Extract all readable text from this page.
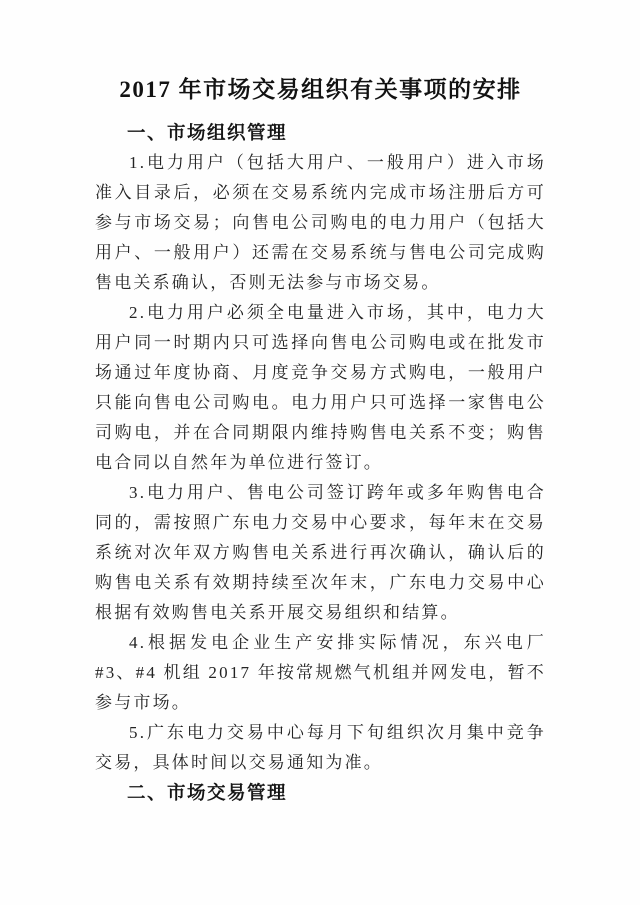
2017 年市场交易组织有关事项的安排
一、市场组织管理

1.电力用户（包括大用户、一般用户）进入市场准入目录后，必须在交易系统内完成市场注册后方可参与市场交易；向售电公司购电的电力用户（包括大用户、一般用户）还需在交易系统与售电公司完成购售电关系确认，否则无法参与市场交易。

2.电力用户必须全电量进入市场，其中，电力大用户同一时期内只可选择向售电公司购电或在批发市场通过年度协商、月度竞争交易方式购电，一般用户只能向售电公司购电。电力用户只可选择一家售电公司购电，并在合同期限内维持购售电关系不变；购售电合同以自然年为单位进行签订。

3.电力用户、售电公司签订跨年或多年购售电合同的，需按照广东电力交易中心要求，每年末在交易系统对次年双方购售电关系进行再次确认，确认后的购售电关系有效期持续至次年末，广东电力交易中心根据有效购售电关系开展交易组织和结算。

4.根据发电企业生产安排实际情况，东兴电厂#3、#4 机组 2017 年按常规燃气机组并网发电，暂不参与市场。

5.广东电力交易中心每月下旬组织次月集中竞争交易，具体时间以交易通知为准。

二、市场交易管理
